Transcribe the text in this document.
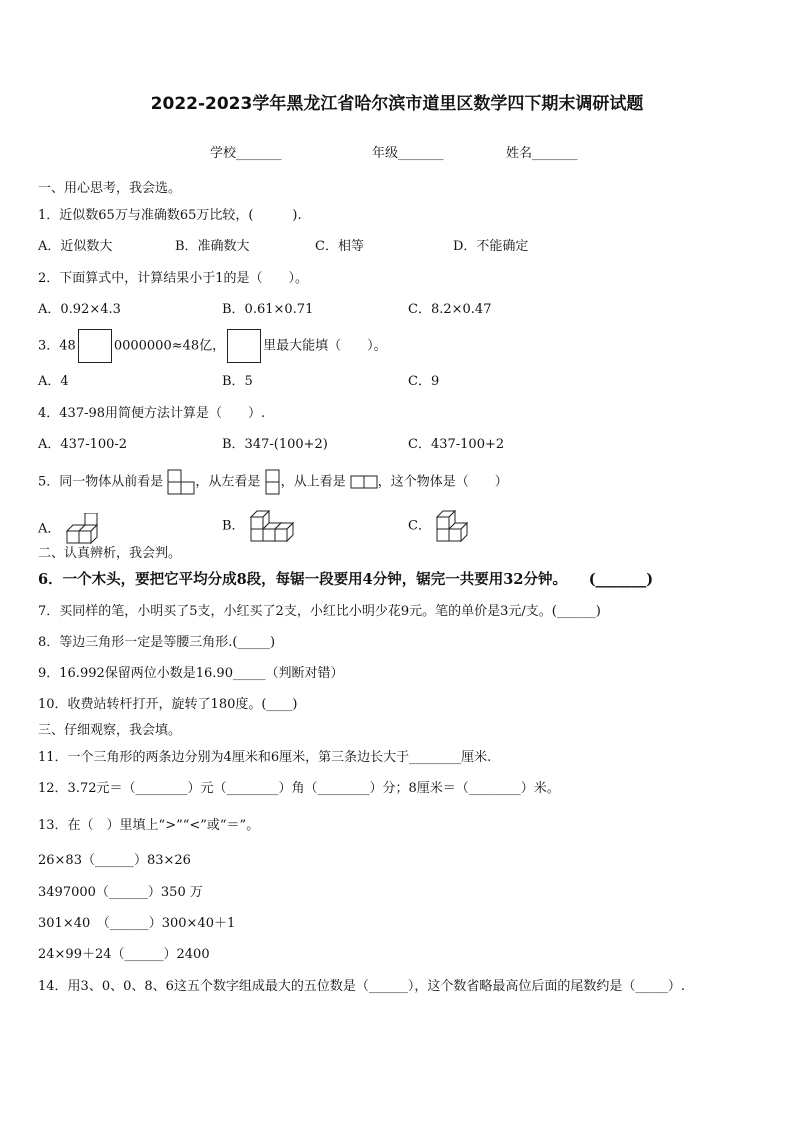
2022-2023学年黑龙江省哈尔滨市道里区数学四下期末调研试题
学校_______	年级_______	姓名_______
一、用心思考，我会选。
1．近似数65万与准确数65万比较，(　　　).
A．近似数大	B．准确数大	C．相等	D．不能确定
2．下面算式中，计算结果小于1的是（　　）。
A．0.92×4.3	B．0.61×0.71	C．8.2×0.47
3．48	0000000≈48亿，	里最大能填（　　）。
A．4	B．5	C．9
4．437-98用简便方法计算是（　　）.
A．437-100-2	B．347-(100+2)	C．437-100+2
5．同一物体从前看是 ，从左看是 ，从上看是 ，这个物体是（　　）
A．	B．	C．
二、认真辨析，我会判。
6．一个木头，要把它平均分成8段，每锯一段要用4分钟，锯完一共要用32分钟。　　(_______)
7．买同样的笔，小明买了5支，小红买了2支，小红比小明少花9元。笔的单价是3元/支。(______)
8．等边三角形一定是等腰三角形.(_____)
9．16.992保留两位小数是16.90_____（判断对错）
10．收费站转杆打开，旋转了180度。(____)
三、仔细观察，我会填。
11．一个三角形的两条边分别为4厘米和6厘米，第三条边长大于________厘米.
12．3.72元＝（________）元（________）角（________）分；8厘米＝（________）米。
13．在（　）里填上“>”“<”或“＝”。
26×83（______）83×26
3497000（______）350 万
301×40　（______）300×40＋1
24×99＋24（______）2400
14．用3、0、0、8、6这五个数字组成最大的五位数是（______），这个数省略最高位后面的尾数约是（_____）.
